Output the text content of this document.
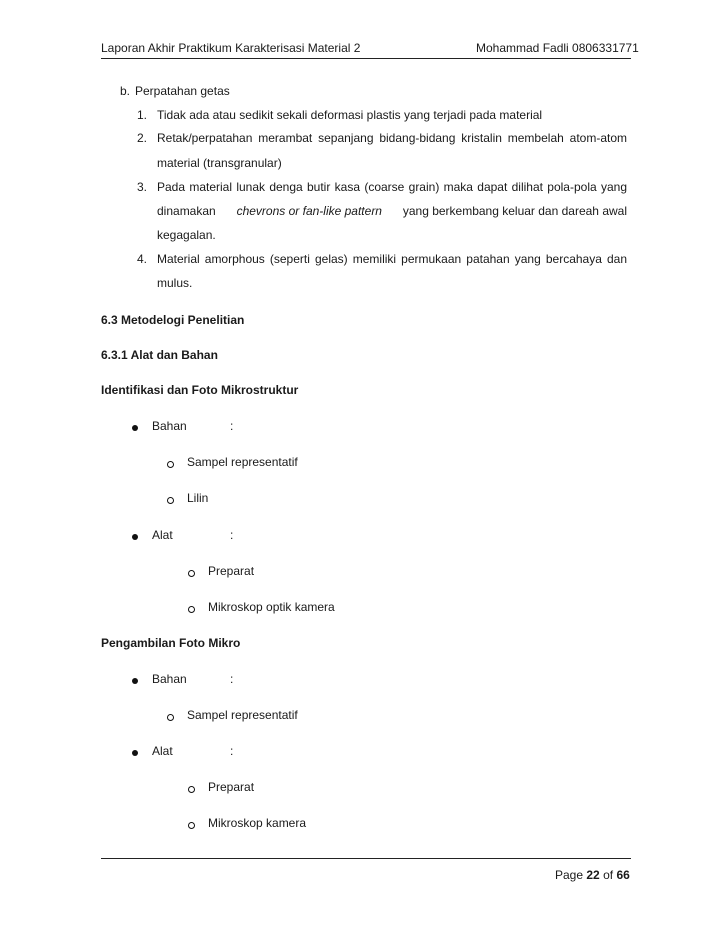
Laporan Akhir Praktikum Karakterisasi Material 2	Mohammad Fadli 0806331771
b. Perpatahan getas
1. Tidak ada atau sedikit sekali deformasi plastis yang terjadi pada material
2. Retak/perpatahan merambat sepanjang bidang-bidang kristalin membelah atom-atom
material (transgranular)
3. Pada material lunak denga butir kasa (coarse grain) maka dapat dilihat pola-pola yang
dinamakan chevrons or fan-like pattern yang berkembang keluar dan dareah awal
kegagalan.
4. Material amorphous (seperti gelas) memiliki permukaan patahan yang bercahaya dan
mulus.
6.3 Metodelogi Penelitian
6.3.1 Alat dan Bahan
Identifikasi dan Foto Mikrostruktur
Bahan	:
Sampel representatif
Lilin
Alat	:
Preparat
Mikroskop optik kamera
Pengambilan Foto Mikro
Bahan	:
Sampel representatif
Alat	:
Preparat
Mikroskop kamera
Page 22 of 66
